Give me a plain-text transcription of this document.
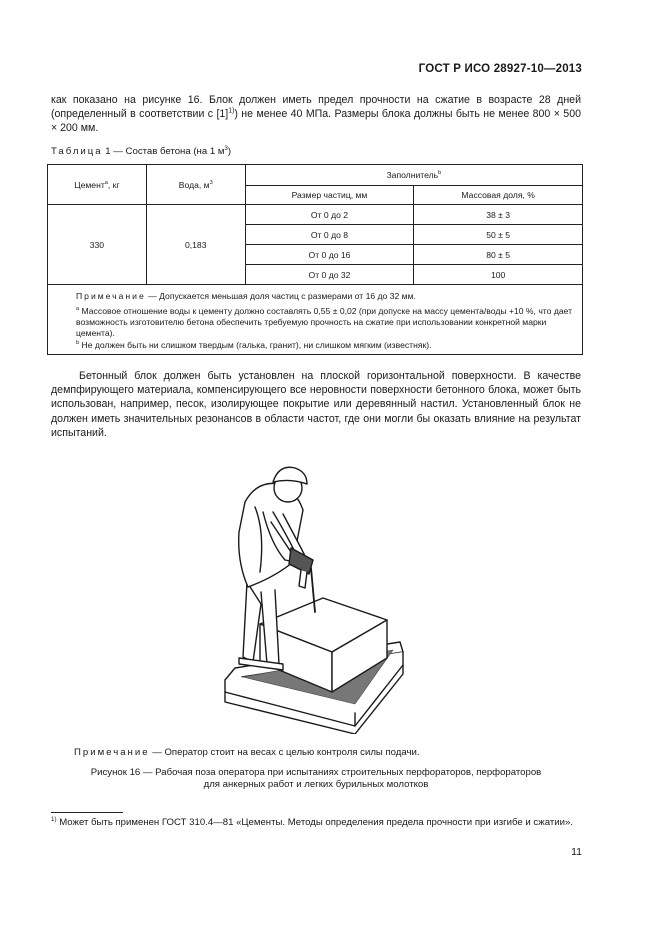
ГОСТ Р ИСО 28927-10—2013
как показано на рисунке 16. Блок должен иметь предел прочности на сжатие в возрасте 28 дней (определенный в соответствии с $[1]^{1)}$) не менее 40 МПа. Размеры блока должны быть не менее 800 × 500 × 200 мм.
Таблица 1 — Состав бетона (на 1 $м^3$)
Цемент$^a$, кг	Вода, $м^3$	Заполнитель$^b$
		Размер частиц, мм	Массовая доля, %
330	0,183	От 0 до 2	38 ± 3
		От 0 до 8	50 ± 5
		От 0 до 16	80 ± 5
		От 0 до 32	100
Примечание — Допускается меньшая доля частиц с размерами от 16 до 32 мм.
$^a$ Массовое отношение воды к цементу должно составлять 0,55 ± 0,02 (при допуске на массу цемента/воды +10 %, что дает возможность изготовителю бетона обеспечить требуемую прочность на сжатие при использовании конкретной марки цемента).
$^b$ Не должен быть ни слишком твердым (галька, гранит), ни слишком мягким (известняк).
Бетонный блок должен быть установлен на плоской горизонтальной поверхности. В качестве демпфирующего материала, компенсирующего все неровности поверхности бетонного блока, может быть использован, например, песок, изолирующее покрытие или деревянный настил. Установленный блок не должен иметь значительных резонансов в области частот, где они могли бы оказать влияние на результат испытаний.
Примечание — Оператор стоит на весах с целью контроля силы подачи.
Рисунок 16 — Рабочая поза оператора при испытаниях строительных перфораторов, перфораторов
для анкерных работ и легких бурильных молотков
$^{1)}$ Может быть применен ГОСТ 310.4—81 «Цементы. Методы определения предела прочности при изгибе и сжатии».
11
